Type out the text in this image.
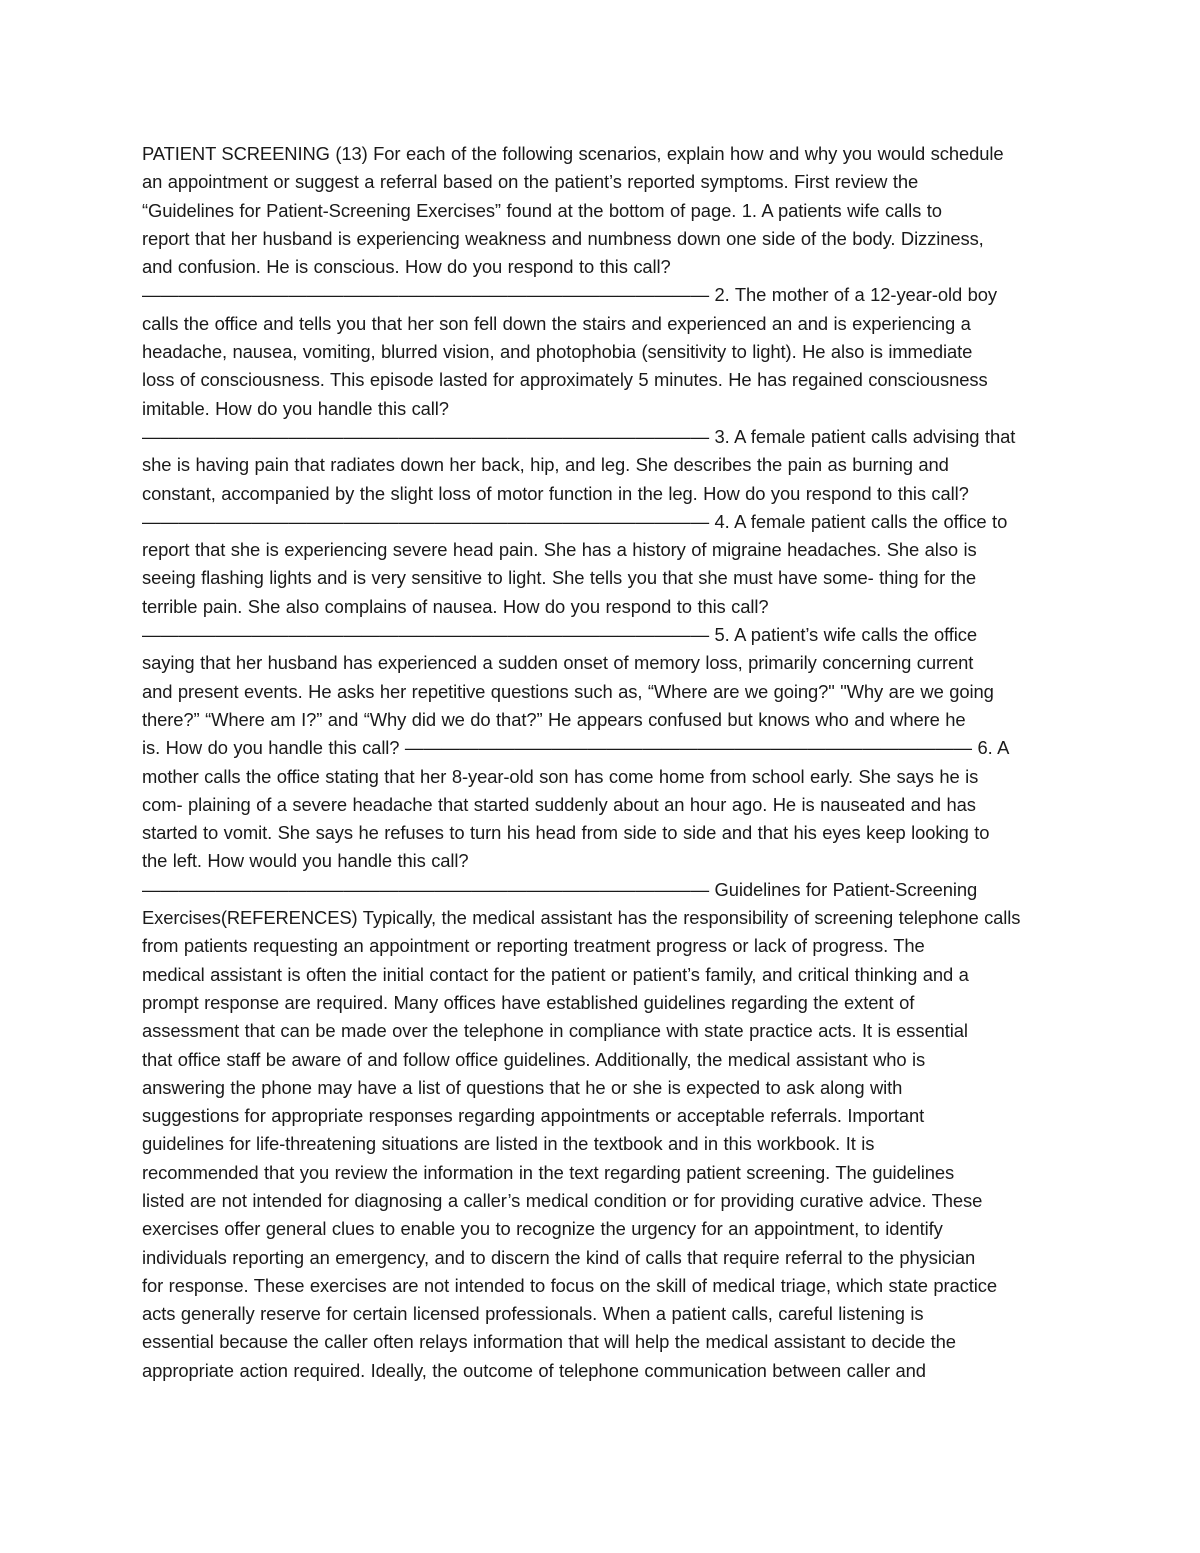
PATIENT SCREENING (13) For each of the following scenarios, explain how and why you would schedule
an appointment or suggest a referral based on the patient’s reported symptoms. First review the
“Guidelines for Patient-Screening Exercises” found at the bottom of page. 1. A patients wife calls to
report that her husband is experiencing weakness and numbness down one side of the body. Dizziness,
and confusion. He is conscious. How do you respond to this call?
——————————————————————————————— 2. The mother of a 12-year-old boy
calls the office and tells you that her son fell down the stairs and experienced an and is experiencing a
headache, nausea, vomiting, blurred vision, and photophobia (sensitivity to light). He also is immediate
loss of consciousness. This episode lasted for approximately 5 minutes. He has regained consciousness
imitable. How do you handle this call?
——————————————————————————————— 3. A female patient calls advising that
she is having pain that radiates down her back, hip, and leg. She describes the pain as burning and
constant, accompanied by the slight loss of motor function in the leg. How do you respond to this call?
——————————————————————————————— 4. A female patient calls the office to
report that she is experiencing severe head pain. She has a history of migraine headaches. She also is
seeing flashing lights and is very sensitive to light. She tells you that she must have some- thing for the
terrible pain. She also complains of nausea. How do you respond to this call?
——————————————————————————————— 5. A patient’s wife calls the office
saying that her husband has experienced a sudden onset of memory loss, primarily concerning current
and present events. He asks her repetitive questions such as, “Where are we going?" "Why are we going
there?” “Where am I?” and “Why did we do that?” He appears confused but knows who and where he
is. How do you handle this call? ——————————————————————————————— 6. A
mother calls the office stating that her 8-year-old son has come home from school early. She says he is
com- plaining of a severe headache that started suddenly about an hour ago. He is nauseated and has
started to vomit. She says he refuses to turn his head from side to side and that his eyes keep looking to
the left. How would you handle this call?
——————————————————————————————— Guidelines for Patient-Screening
Exercises(REFERENCES) Typically, the medical assistant has the responsibility of screening telephone calls
from patients requesting an appointment or reporting treatment progress or lack of progress. The
medical assistant is often the initial contact for the patient or patient’s family, and critical thinking and a
prompt response are required. Many offices have established guidelines regarding the extent of
assessment that can be made over the telephone in compliance with state practice acts. It is essential
that office staff be aware of and follow office guidelines. Additionally, the medical assistant who is
answering the phone may have a list of questions that he or she is expected to ask along with
suggestions for appropriate responses regarding appointments or acceptable referrals. Important
guidelines for life-threatening situations are listed in the textbook and in this workbook. It is
recommended that you review the information in the text regarding patient screening. The guidelines
listed are not intended for diagnosing a caller’s medical condition or for providing curative advice. These
exercises offer general clues to enable you to recognize the urgency for an appointment, to identify
individuals reporting an emergency, and to discern the kind of calls that require referral to the physician
for response. These exercises are not intended to focus on the skill of medical triage, which state practice
acts generally reserve for certain licensed professionals. When a patient calls, careful listening is
essential because the caller often relays information that will help the medical assistant to decide the
appropriate action required. Ideally, the outcome of telephone communication between caller and
